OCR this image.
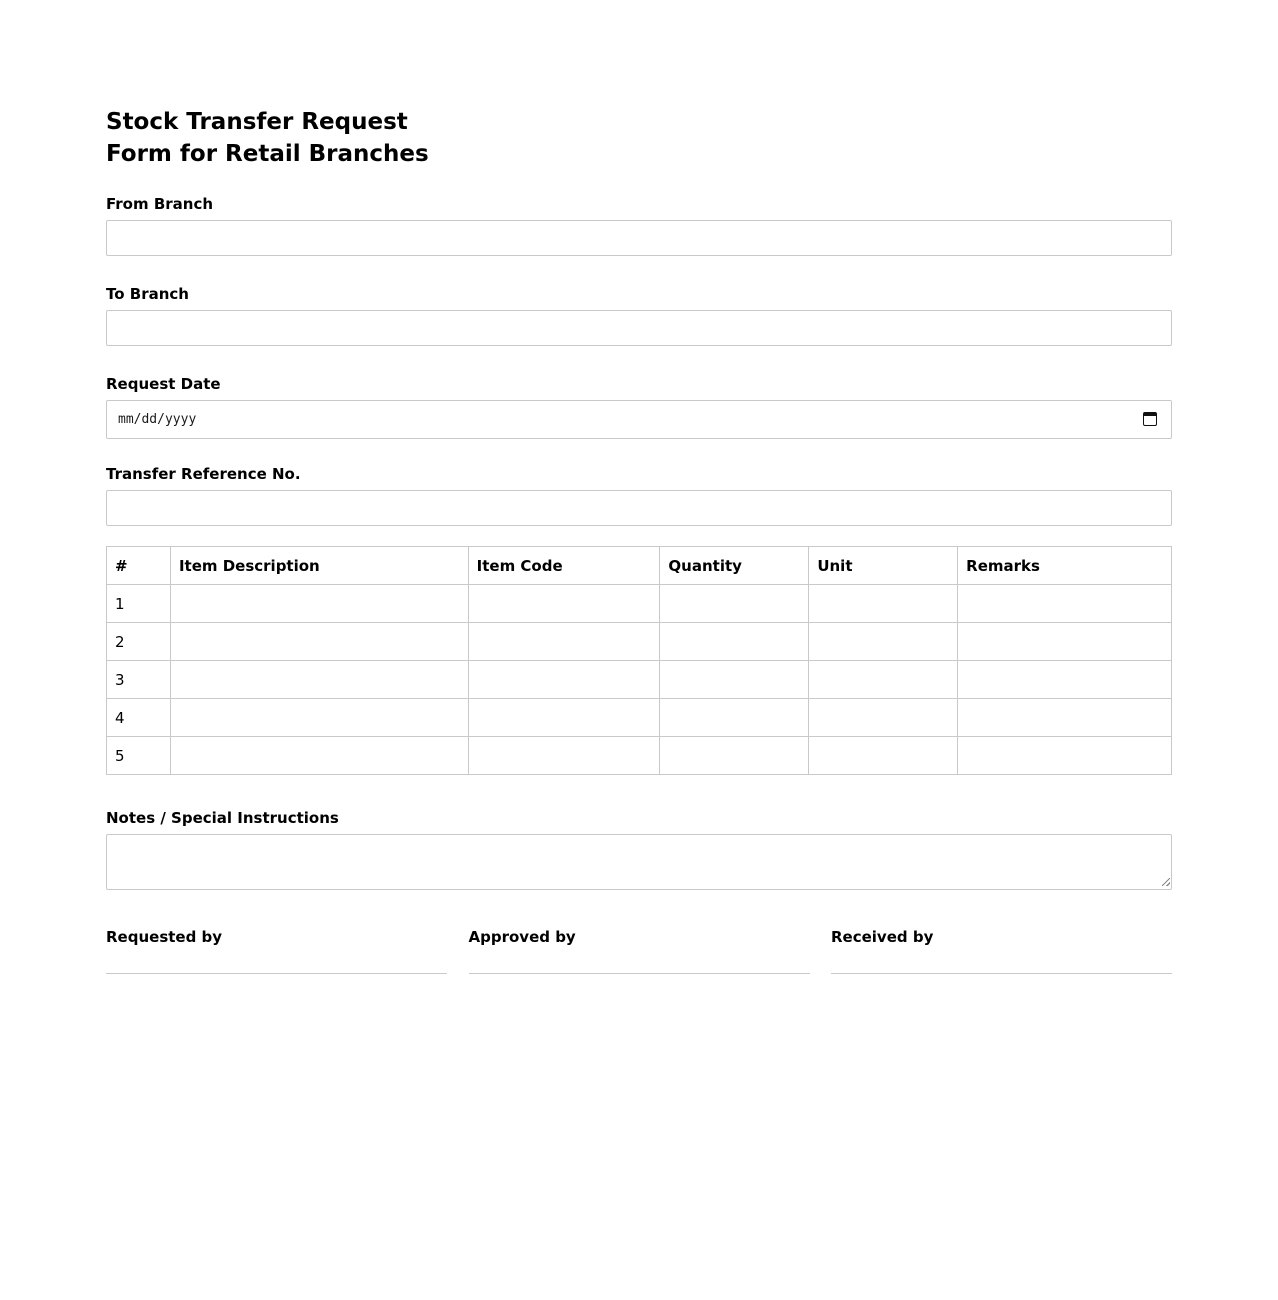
Stock Transfer Request Form for Retail Branches
From Branch
To Branch
Request Date
mm/dd/yyyy
Transfer Reference No.
#	Item Description	Item Code	Quantity	Unit	Remarks
1					
2					
3					
4					
5					
Notes / Special Instructions
Requested by	Approved by	Received by
